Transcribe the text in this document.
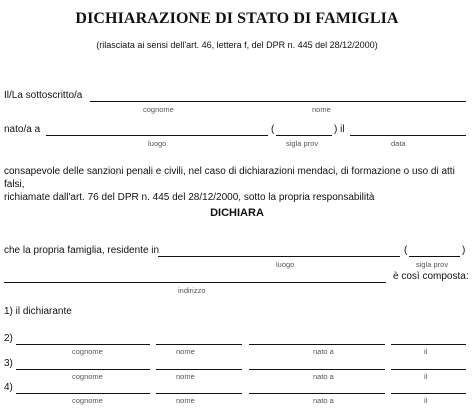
DICHIARAZIONE DI STATO DI FAMIGLIA
(rilasciata ai sensi dell'art. 46, lettera f, del DPR n. 445 del 28/12/2000)
Il/La sottoscritto/a
cognome	nome
nato/a a	(	) il
luogo	sigla prov	data
consapevole delle sanzioni penali e civili, nel caso di dichiarazioni mendaci, di formazione o uso di atti falsi,
richiamate dall'art. 76 del DPR n. 445 del 28/12/2000, sotto la propria responsabilità
DICHIARA
che la propria famiglia, residente in	(	)
luogo	sigla prov
è così composta:
indirizzo
1) il dichiarante
2)
cognome	nome	nato a	il
3)
cognome	nome	nato a	il
4)
cognome	nome	nato a	il
